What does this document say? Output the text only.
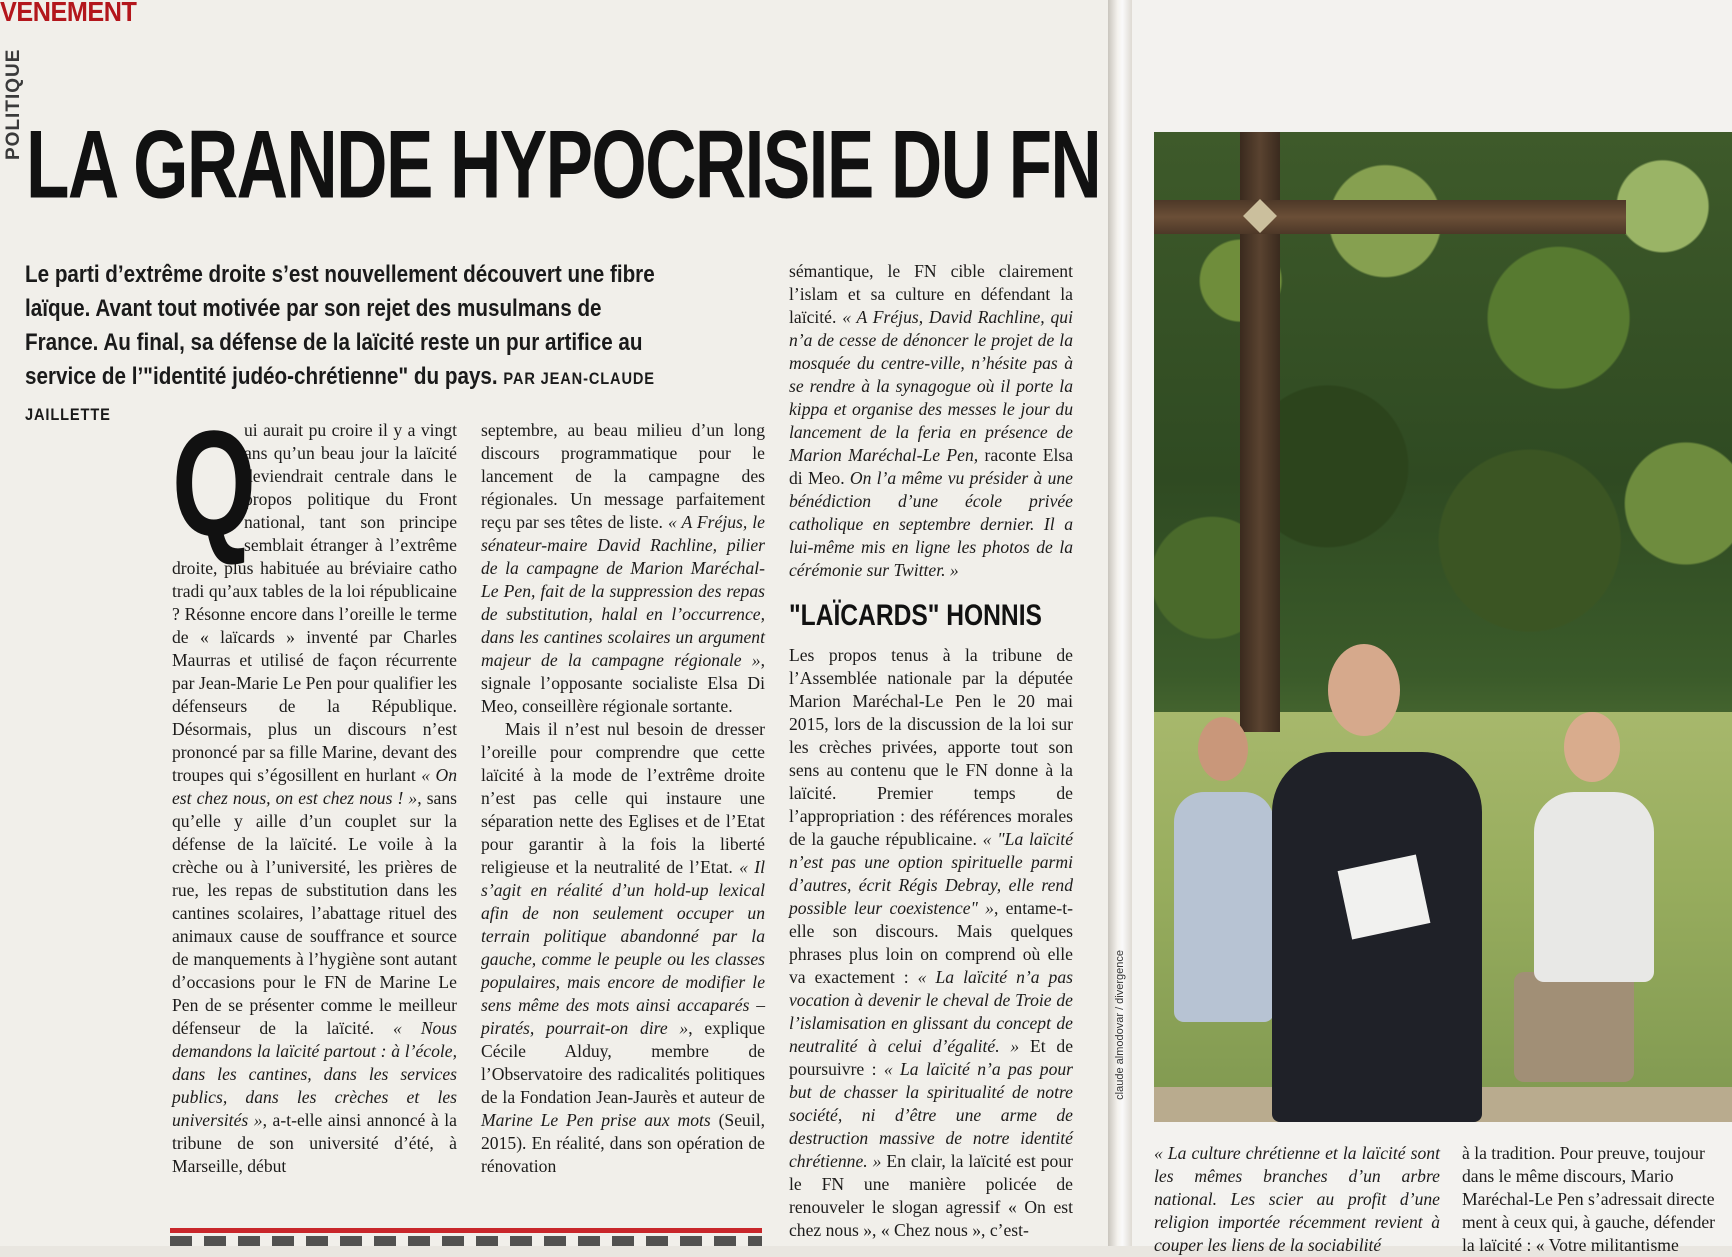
VENEMENT
POLITIQUE
LA GRANDE HYPOCRISIE DU FN
Le parti d’extrême droite s’est nouvellement découvert une fibre laïque. Avant tout motivée par son rejet des musulmans de France. Au final, sa défense de la laïcité reste un pur artifice au service de l’"identité judéo-chrétienne" du pays. PAR JEAN-CLAUDE JAILLETTE Q
ui aurait pu croire il y a vingt ans qu’un beau jour la laïcité deviendrait centrale dans le propos politique du Front national, tant son principe semblait étranger à l’extrême droite, plus habituée au bréviaire catho tradi qu’aux tables de la loi républicaine ? Résonne encore dans l’oreille le terme de « laïcards » inventé par Charles Maurras et utilisé de façon récurrente par Jean-Marie Le Pen pour qualifier les défenseurs de la République. Désormais, plus un discours n’est prononcé par sa fille Marine, devant des troupes qui s’égosillent en hurlant « On est chez nous, on est chez nous ! », sans qu’elle y aille d’un couplet sur la défense de la laïcité. Le voile à la crèche ou à l’université, les prières de rue, les repas de substitution dans les cantines scolaires, l’abattage rituel des animaux cause de souffrance et source de manquements à l’hygiène sont autant d’occasions pour le FN de Marine Le Pen de se présenter comme le meilleur défenseur de la laïcité. « Nous demandons la laïcité partout : à l’école, dans les cantines, dans les services publics, dans les crèches et les universités », a-t-elle ainsi annoncé à la tribune de son université d’été, à Marseille, début

septembre, au beau milieu d’un long discours programmatique pour le lancement de la campagne des régionales. Un message parfaitement reçu par ses têtes de liste. « A Fréjus, le sénateur-maire David Rachline, pilier de la campagne de Marion Maréchal-Le Pen, fait de la suppression des repas de substitution, halal en l’occurrence, dans les cantines scolaires un argument majeur de la campagne régionale », signale l’opposante socialiste Elsa Di Meo, conseillère régionale sortante.

Mais il n’est nul besoin de dresser l’oreille pour comprendre que cette laïcité à la mode de l’extrême droite n’est pas celle qui instaure une séparation nette des Eglises et de l’Etat pour garantir à la fois la liberté religieuse et la neutralité de l’Etat. « Il s’agit en réalité d’un hold-up lexical afin de non seulement occuper un terrain politique abandonné par la gauche, comme le peuple ou les classes populaires, mais encore de modifier le sens même des mots ainsi accaparés – piratés, pourrait-on dire », explique Cécile Alduy, membre de l’Observatoire des radicalités politiques de la Fondation Jean-Jaurès et auteur de Marine Le Pen prise aux mots (Seuil, 2015). En réalité, dans son opération de rénovation

sémantique, le FN cible clairement l’islam et sa culture en défendant la laïcité. « A Fréjus, David Rachline, qui n’a de cesse de dénoncer le projet de la mosquée du centre-ville, n’hésite pas à se rendre à la synagogue où il porte la kippa et organise des messes le jour du lancement de la feria en présence de Marion Maréchal-Le Pen, raconte Elsa di Meo. On l’a même vu présider à une bénédiction d’une école privée catholique en septembre dernier. Il a lui-même mis en ligne les photos de la cérémonie sur Twitter. »

"LAÏCARDS" HONNIS

Les propos tenus à la tribune de l’Assemblée nationale par la députée Marion Maréchal-Le Pen le 20 mai 2015, lors de la discussion de la loi sur les crèches privées, apporte tout son sens au contenu que le FN donne à la laïcité. Premier temps de l’appropriation : des références morales de la gauche républicaine. « "La laïcité n’est pas une option spirituelle parmi d’autres, écrit Régis Debray, elle rend possible leur coexistence" », entame-t-elle son discours. Mais quelques phrases plus loin on comprend où elle va exactement : « La laïcité n’a pas vocation à devenir le cheval de Troie de l’islamisation en glissant du concept de neutralité à celui d’égalité. » Et de poursuivre : « La laïcité n’a pas pour but de chasser la spiritualité de notre société, ni d’être une arme de destruction massive de notre identité chrétienne. » En clair, la laïcité est pour le FN une manière policée de renouveler le slogan agressif « On est chez nous », « Chez nous », c’est-

claude almodovar / divergence
« La culture chrétienne et la laïcité sont les mêmes branches d’un arbre national. Les scier au profit d’une religion importée récemment revient à couper les liens de la sociabilité

à la tradition. Pour preuve, toujour

dans le même discours, Mario

Maréchal-Le Pen s’adressait directe

ment à ceux qui, à gauche, défender

la laïcité : « Votre militantisme
